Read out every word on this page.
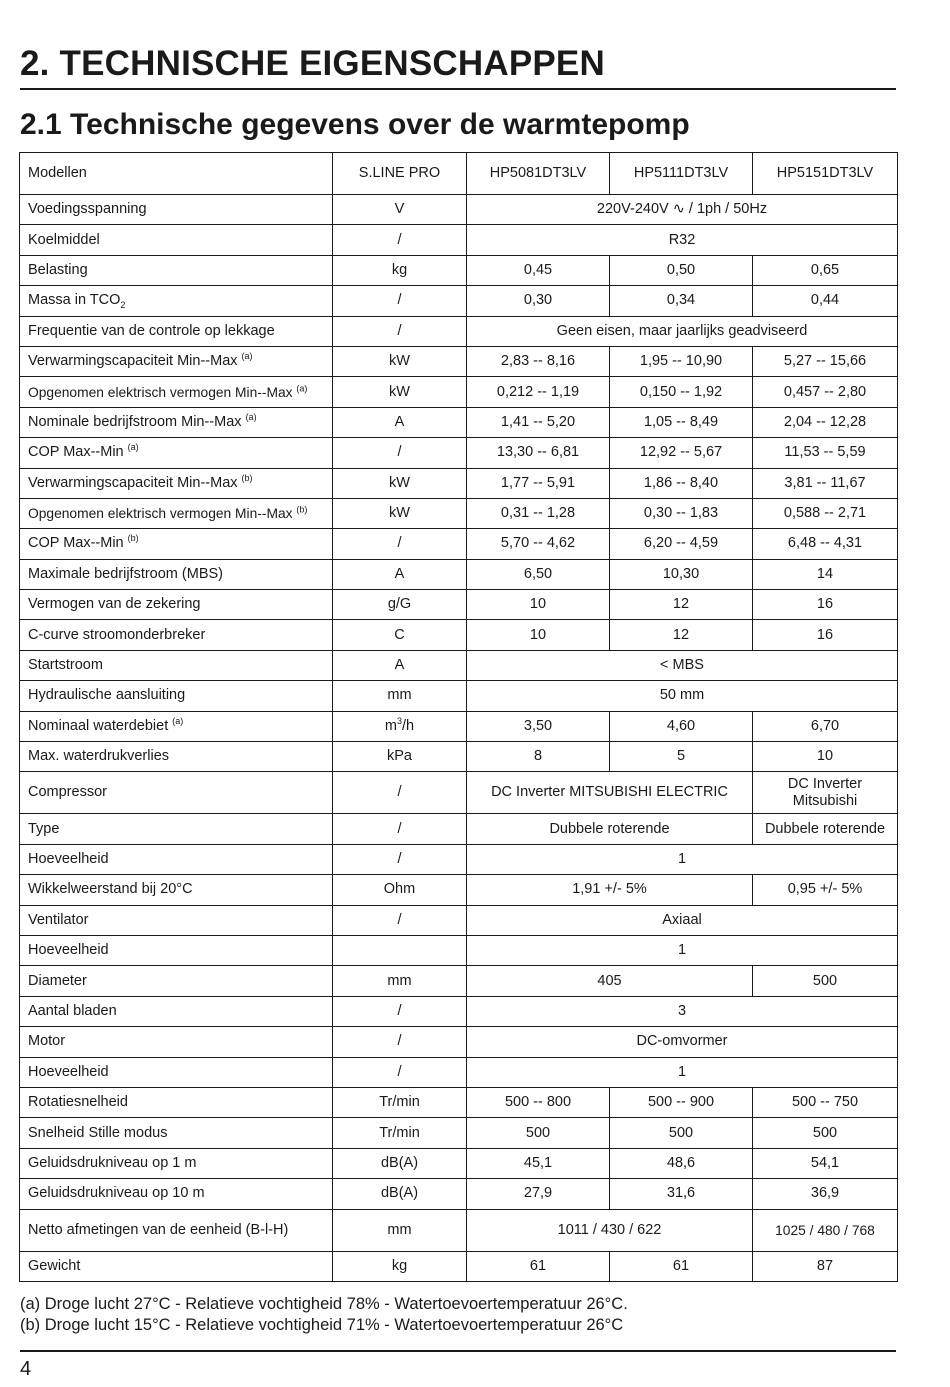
2. TECHNISCHE EIGENSCHAPPEN
2.1 Technische gegevens over de warmtepomp
Modellen	S.LINE PRO	HP5081DT3LV	HP5111DT3LV	HP5151DT3LV
Voedingsspanning	V	220V-240V ∿ / 1ph / 50Hz		
Koelmiddel	/	R32		
Belasting	kg	0,45	0,50	0,65
Massa in $TCO_2$	/	0,30	0,34	0,44
Frequentie van de controle op lekkage	/	Geen eisen, maar jaarlijks geadviseerd		
Verwarmingscapaciteit Min--Max $^{(a)}$	kW	2,83 -- 8,16	1,95 -- 10,90	5,27 -- 15,66
Opgenomen elektrisch vermogen Min--Max $^{(a)}$	kW	0,212 -- 1,19	0,150 -- 1,92	0,457 -- 2,80
Nominale bedrijfstroom Min--Max $^{(a)}$	A	1,41 -- 5,20	1,05 -- 8,49	2,04 -- 12,28
COP Max--Min $^{(a)}$	/	13,30 -- 6,81	12,92 -- 5,67	11,53 -- 5,59
Verwarmingscapaciteit Min--Max $^{(b)}$	kW	1,77 -- 5,91	1,86 -- 8,40	3,81 -- 11,67
Opgenomen elektrisch vermogen Min--Max $^{(b)}$	kW	0,31 -- 1,28	0,30 -- 1,83	0,588 -- 2,71
COP Max--Min $^{(b)}$	/	5,70 -- 4,62	6,20 -- 4,59	6,48 -- 4,31
Maximale bedrijfstroom (MBS)	A	6,50	10,30	14
Vermogen van de zekering	g/G	10	12	16
C-curve stroomonderbreker	C	10	12	16
Startstroom	A	< MBS		
Hydraulische aansluiting	mm	50 mm		
Nominaal waterdebiet $^{(a)}$	$m^3/h$	3,50	4,60	6,70
Max. waterdrukverlies	kPa	8	5	10
Compressor	/	DC Inverter MITSUBISHI ELECTRIC		DC Inverter
Mitsubishi

Type	/	Dubbele roterende		Dubbele roterende
Hoeveelheid	/	1		
Wikkelweerstand bij 20°C	Ohm	1,91 +/- 5%		0,95 +/- 5%
Ventilator	/	Axiaal		
Hoeveelheid		1		
Diameter	mm	405		500
Aantal bladen	/	3		
Motor	/	DC-omvormer		
Hoeveelheid	/	1		
Rotatiesnelheid	Tr/min	500 -- 800	500 -- 900	500 -- 750
Snelheid Stille modus	Tr/min	500	500	500
Geluidsdrukniveau op 1 m	dB(A)	45,1	48,6	54,1
Geluidsdrukniveau op 10 m	dB(A)	27,9	31,6	36,9
Netto afmetingen van de eenheid (B-l-H)	mm	1011 / 430 / 622		1025 / 480 / 768
Gewicht	kg	61	61	87
(a) Droge lucht 27°C - Relatieve vochtigheid 78% - Watertoevoertemperatuur 26°C.
(b) Droge lucht 15°C - Relatieve vochtigheid 71% - Watertoevoertemperatuur 26°C
4
